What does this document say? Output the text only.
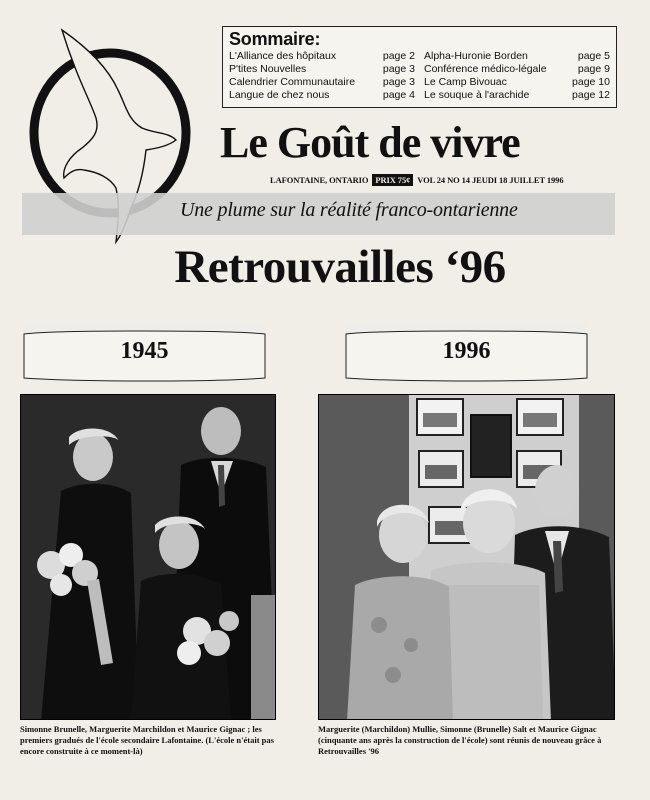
Sommaire:
L'Alliance des hôpitaux	page 2
P'tites Nouvelles	page 3
Calendrier Communautaire	page 3
Langue de chez nous	page 4
Alpha-Huronie Borden	page 5
Conférence médico-légale	page 9
Le Camp Bivouac	page 10
Le souque à l'arachide	page 12
Le Goût de vivre
LAFONTAINE, ONTARIO PRIX 75¢ VOL 24 NO 14 JEUDI 18 JUILLET 1996
Une plume sur la réalité franco-ontarienne
Retrouvailles ‘96
1945	1996
Simonne Brunelle, Marguerite Marchildon et Maurice Gignac ; les premiers gradués de l'école secondaire Lafontaine. (L'école n'était pas encore construite à ce moment-là)
Marguerite (Marchildon) Mullie, Simonne (Brunelle) Salt et Maurice Gignac (cinquante ans après la construction de l'école) sont réunis de nouveau grâce à Retrouvailles '96
